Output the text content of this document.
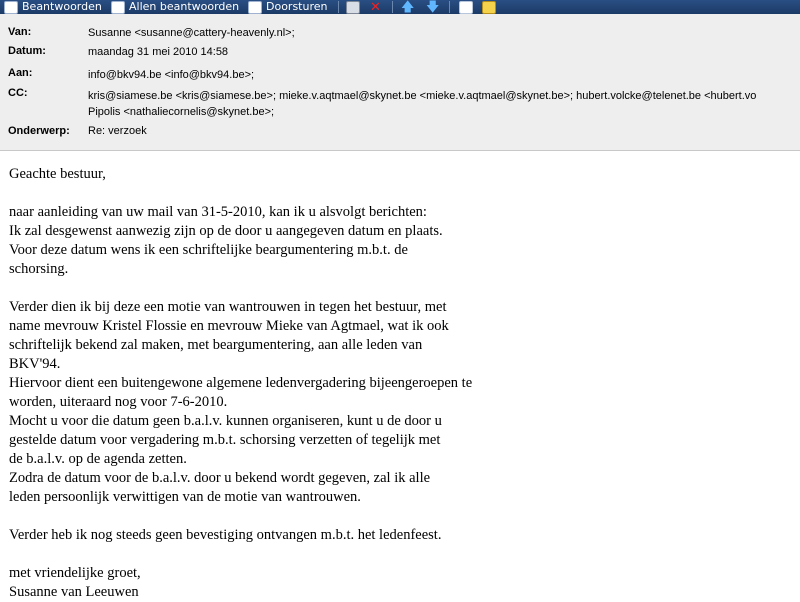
Beantwoorden Allen beantwoorden Doorsturen	✕ 🡅 🡇
Van:	Susanne <susanne@cattery-heavenly.nl>;
Datum:	maandag 31 mei 2010 14:58
Aan:	info@bkv94.be <info@bkv94.be>;
CC:	kris@siamese.be <kris@siamese.be>; mieke.v.aqtmael@skynet.be <mieke.v.aqtmael@skynet.be>; hubert.volcke@telenet.be <hubert.vo
Pipolis <nathaliecornelis@skynet.be>;
Onderwerp: Re: verzoek
Geachte bestuur,
naar aanleiding van uw mail van 31-5-2010, kan ik u alsvolgt berichten:
Ik zal desgewenst aanwezig zijn op de door u aangegeven datum en plaats.
Voor deze datum wens ik een schriftelijke beargumentering m.b.t. de
schorsing.
Verder dien ik bij deze een motie van wantrouwen in tegen het bestuur, met
name mevrouw Kristel Flossie en mevrouw Mieke van Agtmael, wat ik ook
schriftelijk bekend zal maken, met beargumentering, aan alle leden van
BKV'94.
Hiervoor dient een buitengewone algemene ledenvergadering bijeengeroepen te
worden, uiteraard nog voor 7-6-2010.
Mocht u voor die datum geen b.a.l.v. kunnen organiseren, kunt u de door u
gestelde datum voor vergadering m.b.t. schorsing verzetten of tegelijk met
de b.a.l.v. op de agenda zetten.
Zodra de datum voor de b.a.l.v. door u bekend wordt gegeven, zal ik alle
leden persoonlijk verwittigen van de motie van wantrouwen.
Verder heb ik nog steeds geen bevestiging ontvangen m.b.t. het ledenfeest.
met vriendelijke groet,
Susanne van Leeuwen
